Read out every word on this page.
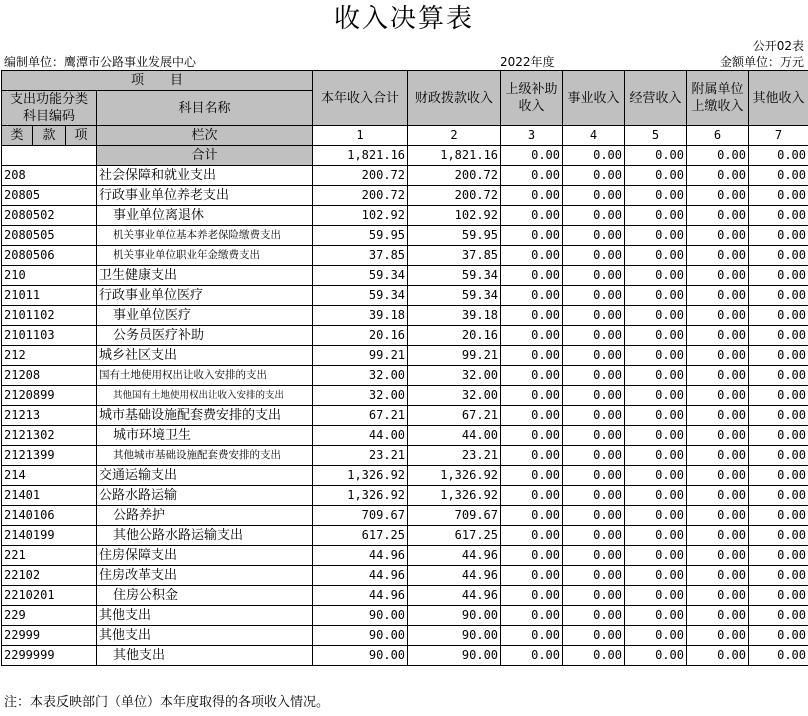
收入决算表
公开02表
编制单位：鹰潭市公路事业发展中心	2022年度	金额单位：万元
项　　目				本年收入合计	财政拨款收入	上级补助收入	事业收入	经营收入	附属单位上缴收入	其他收入
支出功能分类科目编码			科目名称							

类	款	项								
			栏次	1	2	3	4	5	6	7
			合计	1,821.16	1,821.16	0.00	0.00	0.00	0.00	0.00
208			社会保障和就业支出	200.72	200.72	0.00	0.00	0.00	0.00	0.00
20805			行政事业单位养老支出	200.72	200.72	0.00	0.00	0.00	0.00	0.00
2080502			事业单位离退休	102.92	102.92	0.00	0.00	0.00	0.00	0.00
2080505			机关事业单位基本养老保险缴费支出	59.95	59.95	0.00	0.00	0.00	0.00	0.00
2080506			机关事业单位职业年金缴费支出	37.85	37.85	0.00	0.00	0.00	0.00	0.00
210			卫生健康支出	59.34	59.34	0.00	0.00	0.00	0.00	0.00
21011			行政事业单位医疗	59.34	59.34	0.00	0.00	0.00	0.00	0.00
2101102			事业单位医疗	39.18	39.18	0.00	0.00	0.00	0.00	0.00
2101103			公务员医疗补助	20.16	20.16	0.00	0.00	0.00	0.00	0.00
212			城乡社区支出	99.21	99.21	0.00	0.00	0.00	0.00	0.00
21208			国有土地使用权出让收入安排的支出	32.00	32.00	0.00	0.00	0.00	0.00	0.00
2120899			其他国有土地使用权出让收入安排的支出	32.00	32.00	0.00	0.00	0.00	0.00	0.00
21213			城市基础设施配套费安排的支出	67.21	67.21	0.00	0.00	0.00	0.00	0.00
2121302			城市环境卫生	44.00	44.00	0.00	0.00	0.00	0.00	0.00
2121399			其他城市基础设施配套费安排的支出	23.21	23.21	0.00	0.00	0.00	0.00	0.00
214			交通运输支出	1,326.92	1,326.92	0.00	0.00	0.00	0.00	0.00
21401			公路水路运输	1,326.92	1,326.92	0.00	0.00	0.00	0.00	0.00
2140106			公路养护	709.67	709.67	0.00	0.00	0.00	0.00	0.00
2140199			其他公路水路运输支出	617.25	617.25	0.00	0.00	0.00	0.00	0.00
221			住房保障支出	44.96	44.96	0.00	0.00	0.00	0.00	0.00
22102			住房改革支出	44.96	44.96	0.00	0.00	0.00	0.00	0.00
2210201			住房公积金	44.96	44.96	0.00	0.00	0.00	0.00	0.00
229			其他支出	90.00	90.00	0.00	0.00	0.00	0.00	0.00
22999			其他支出	90.00	90.00	0.00	0.00	0.00	0.00	0.00
2299999			其他支出	90.00	90.00	0.00	0.00	0.00	0.00	0.00
注：本表反映部门（单位）本年度取得的各项收入情况。
